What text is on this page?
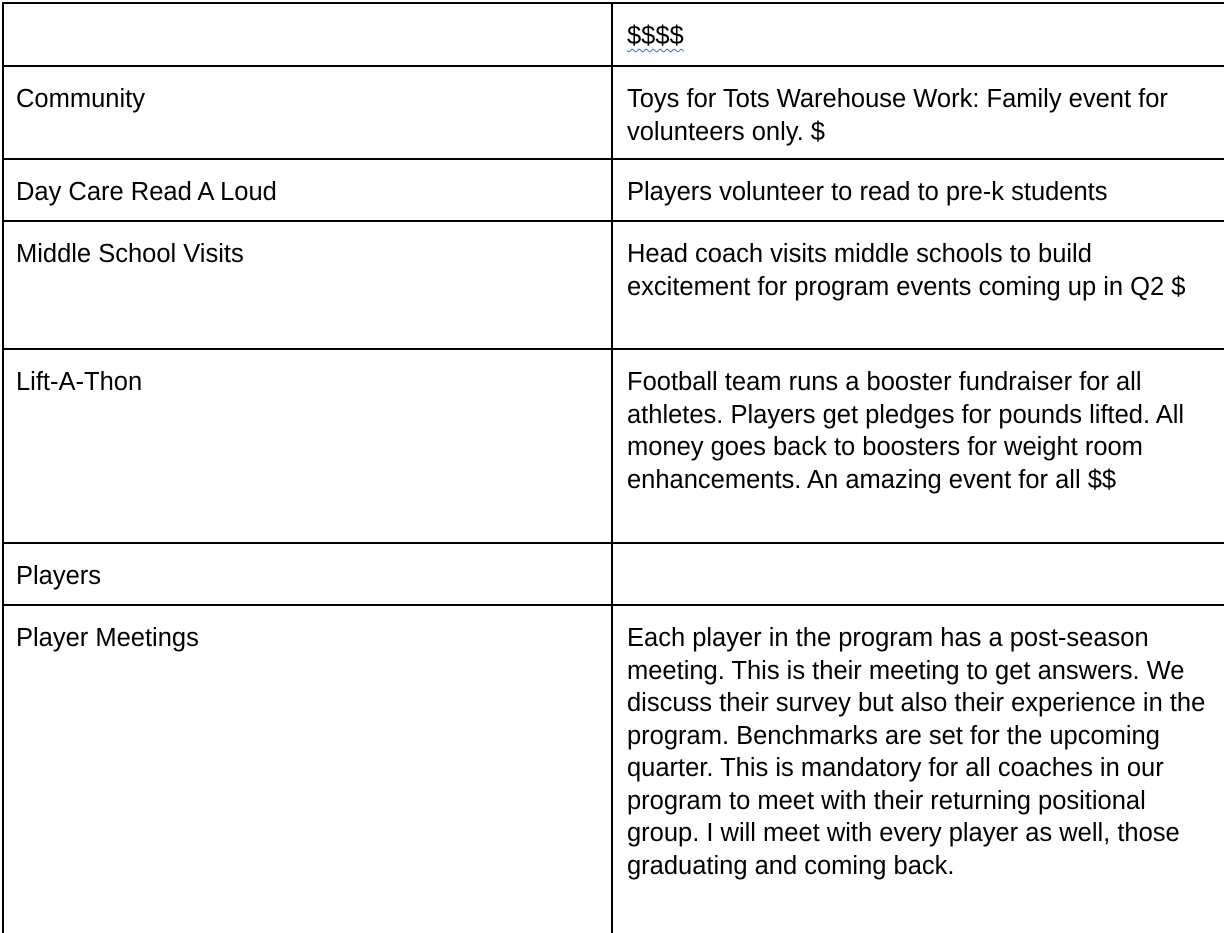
	$$$$
Community	Toys for Tots Warehouse Work: Family event for volunteers only. $
Day Care Read A Loud	Players volunteer to read to pre-k students
Middle School Visits	Head coach visits middle schools to build excitement for program events coming up in Q2 $
Lift-A-Thon	Football team runs a booster fundraiser for all athletes. Players get pledges for pounds lifted. All money goes back to boosters for weight room enhancements. An amazing event for all $$
Players	
Player Meetings	Each player in the program has a post-season meeting. This is their meeting to get answers. We discuss their survey but also their experience in the program. Benchmarks are set for the upcoming quarter. This is mandatory for all coaches in our program to meet with their returning positional group. I will meet with every player as well, those graduating and coming back.
